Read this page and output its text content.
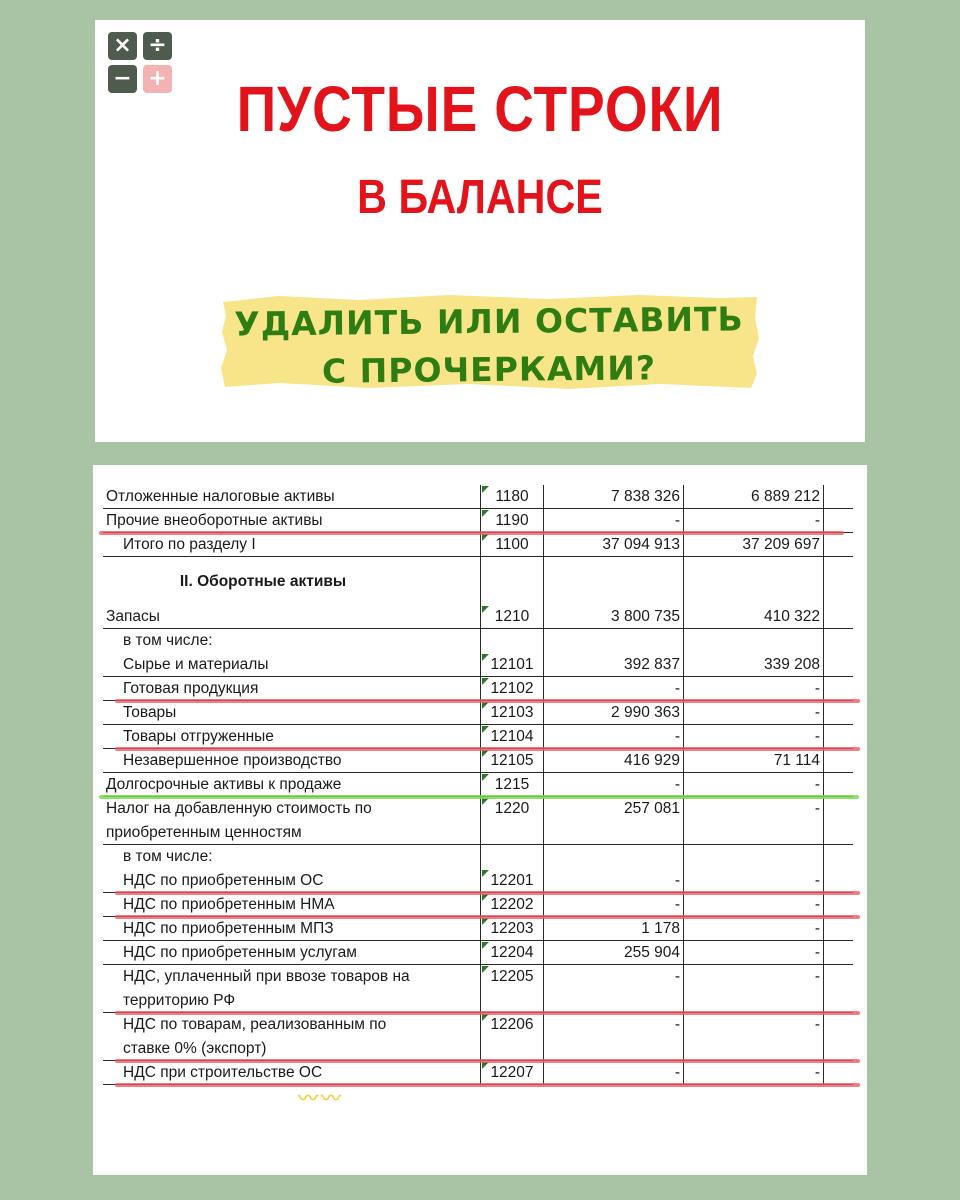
× ÷
− +	ПУСТЫЕ СТРОКИ
В БАЛАНСЕ
УДАЛИТЬ ИЛИ ОСТАВИТЬ
С ПРОЧЕРКАМИ?
Отложенные налоговые активы	1180	7 838 326	6 889 212
Прочие внеоборотные активы	1190	-	-
Итого по разделу I	1100	37 094 913	37 209 697
II. Оборотные активы
Запасы	1210	3 800 735	410 322
в том числе:
Сырье и материалы	12101	392 837	339 208
Готовая продукция	12102	-	-
Товары	12103	2 990 363	-
Товары отгруженные	12104	-	-
Незавершенное производство	12105	416 929	71 114
Долгосрочные активы к продаже	1215	-	-
Налог на добавленную стоимость по	1220	257 081	-
приобретенным ценностям
в том числе:
НДС по приобретенным ОС	12201	-	-
НДС по приобретенным НМА	12202	-	-
НДС по приобретенным МПЗ	12203	1 178	-
НДС по приобретенным услугам	12204	255 904	-
НДС, уплаченный при ввозе товаров на	12205	-	-
территорию РФ
НДС по товарам, реализованным по	12206	-	-
ставке 0% (экспорт)
НДС при строительстве ОС	12207	-	-
〰〰
